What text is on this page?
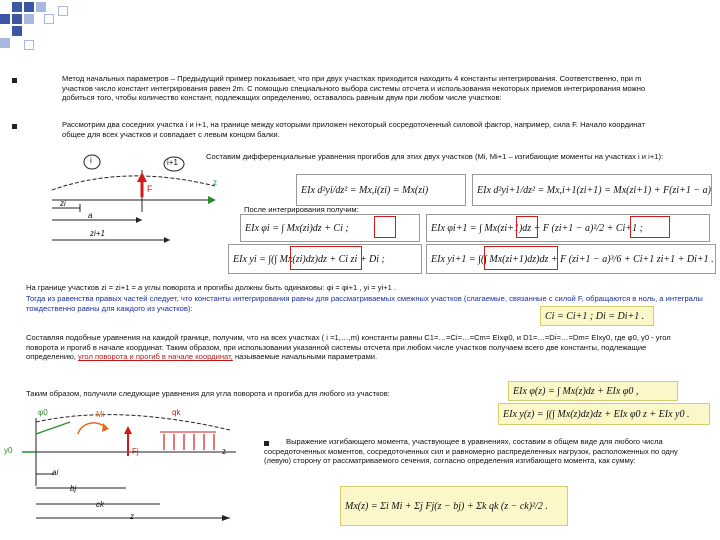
Метод начальных параметров – Предыдущий пример показывает, что при двух участках приходится находить 4 константы интегрирования. Соответственно, при m участков число констант интегрирования равен 2m. С помощью специального выбора системы отсчета и использования некоторых приемов интегрирования можно добиться того, чтобы количество констант, подлежащих определению, оставалось равным двум при любом числе участков:
Рассмотрим два соседних участка i и i+1, на границе между которыми приложен некоторый сосредоточенный силовой фактор, например, сила F. Начало координат общее для всех участков и совпадает с левым концом балки.
i	i+1
z
F
zi
a
zi+1
Составим дифференциальные уравнения прогибов для этих двух участков (Mi, Mi+1 – изгибающие моменты на участках i и i+1):
EIx d²yi/dz² = Mx,i(zi) = Mx(zi)	EIx d²yi+1/dz² = Mx,i+1(zi+1) = Mx(zi+1) + F(zi+1 − a)
После интегрирования получим:
EIx φi = ∫ Mx(zi)dz + Ci ;	EIx φi+1 = ∫ Mx(zi+1)dz + F (zi+1 − a)²/2 + Ci+1 ;
EIx yi = ∫(∫ Mx(zi)dz)dz + Ci zi + Di ;	EIx yi+1 = ∫(∫ Mx(zi+1)dz)dz + F (zi+1 − a)³/6 + Ci+1 zi+1 + Di+1 .
На границе участков zi = zi+1 = a углы поворота и прогибы должны быть одинаковы: φi = φi+1 , yi = yi+1 .
Тогда из равенства правых частей следует, что константы интегрирования равны для рассматриваемых смежных участков (слагаемые, связанные с силой F, обращаются в ноль, а интегралы тождественно равны для каждого из участков):
Ci = Ci+1 ; Di = Di+1 .
Составляя подобные уравнения на каждой границе, получим, что на всех участках ( i =1,…,m) константы равны C1=…=Ci=…=Cm= EIxφ0, и D1=…=Di=…=Dm= EIxy0, где φ0, y0 - угол поворота и прогиб в начале координат. Таким образом, при использовании указанной системы отсчета при любом числе участков получаем всего две константы, подлежащие определению, угол поворота и прогиб в начале координат, называемые начальными параметрами.
Таким образом, получили следующие уравнения для угла поворота и прогиба для любого из участков:	EIx φ(z) = ∫ Mx(z)dz + EIx φ0 ,
EIx y(z) = ∫(∫ Mx(z)dz)dz + EIx φ0 z + EIx y0 .
φ0
y0
Mi
Fj
qk
z
ai
bj
ck
z
Выражение изгибающего момента, участвующее в уравнениях, составим в общем виде для любого числа сосредоточенных моментов, сосредоточенных сил и равномерно распределенных нагрузок, расположенных по одну (левую) сторону от рассматриваемого сечения, согласно определения изгибающего момента, как сумму:
Mx(z) = Σi Mi + Σj Fj(z − bj) + Σk qk (z − ck)²/2 .
